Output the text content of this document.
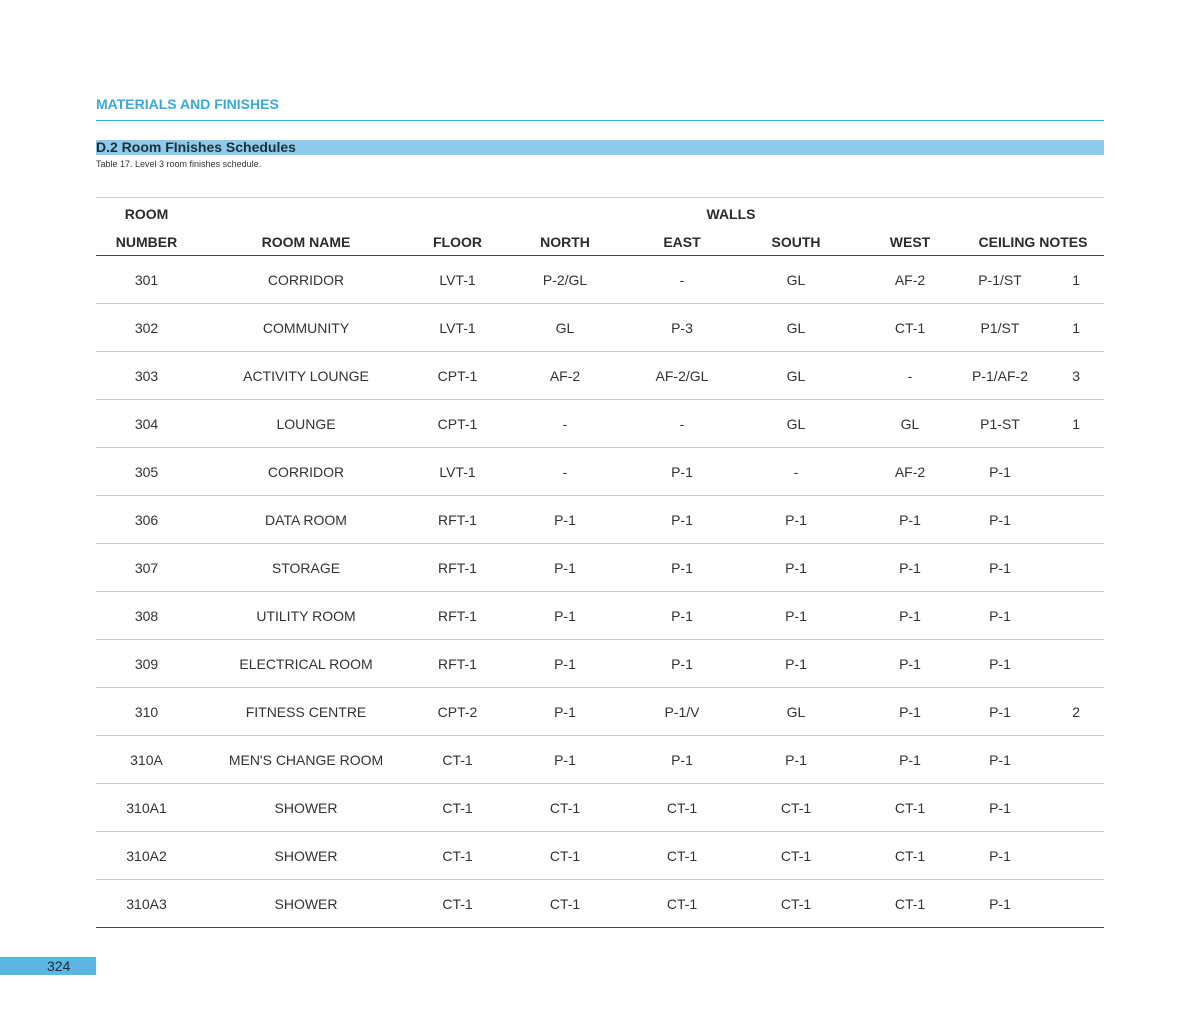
MATERIALS AND FINISHES
D.2 Room FInishes Schedules
Table 17. Level 3 room finishes schedule.
ROOM			WALLS				
NUMBER	ROOM NAME	FLOOR	NORTH	EAST	SOUTH	WEST	CEILING NOTES
301	CORRIDOR	LVT-1	P-2/GL	-	GL	AF-2	P-1/ST 1

302	COMMUNITY	LVT-1	GL	P-3	GL	CT-1	P1/ST 1

303	ACTIVITY LOUNGE	CPT-1	AF-2	AF-2/GL	GL	-	P-1/AF-2 3

304	LOUNGE	CPT-1	-	-	GL	GL	P1-ST 1

305	CORRIDOR	LVT-1	-	P-1	-	AF-2	P-1

306	DATA ROOM	RFT-1	P-1	P-1	P-1	P-1	P-1

307	STORAGE	RFT-1	P-1	P-1	P-1	P-1	P-1

308	UTILITY ROOM	RFT-1	P-1	P-1	P-1	P-1	P-1

309	ELECTRICAL ROOM	RFT-1	P-1	P-1	P-1	P-1	P-1

310	FITNESS CENTRE	CPT-2	P-1	P-1/V	GL	P-1	P-1 2

310A	MEN'S CHANGE ROOM	CT-1	P-1	P-1	P-1	P-1	P-1

310A1	SHOWER	CT-1	CT-1	CT-1	CT-1	CT-1	P-1

310A2	SHOWER	CT-1	CT-1	CT-1	CT-1	CT-1	P-1

310A3	SHOWER	CT-1	CT-1	CT-1	CT-1	CT-1	P-1
324
